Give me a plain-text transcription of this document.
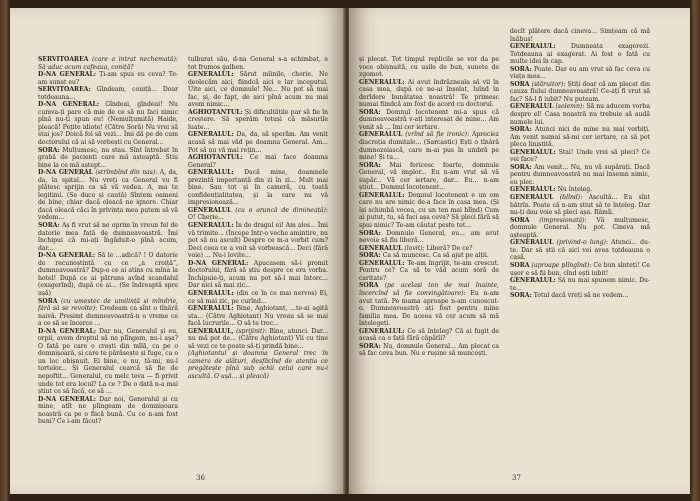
SERVITOAREA (care a intrat nechemată): Să aduc acum cafeaua, coniță?

D-NA GENERAL: Ți-am spus eu ceva? Te-am sunat eu?

SERVITOAREA: Gîndeam, coniță... Doar totdeauna...

D-NA GENERAL: Gîndeai, gîndeai! Nu cumva-ți pare că mie de ce să nu faci nimic pînă nu-ți spun eu! (Nemulțumită) Haide, pleacă! Pețite idiote! (Către Soră) Nu vrei să stai jos? Doică foi să vezi... Îmi dă pe de cum doctorului că ai să vorbești cu General...

SORA: Mulțumesc, nu stau. Sînt întrebat în grabă de pacienți care mă așteaptă. Stiu bine la ce mă aștept...

D-NA GENERAL (strîmbînd din nas): A, da, da, la spital... Nu vreți ca General vu fi plătesc sprijin ca să vă vedea. A, ma te legitimi. (Se duce și caută) Sîntem oameni de bine, chiar dacă oleacă ne ignore. Chiar dacă oleacă căci în privința mea putem să vă vedem...

SORA: Aș fi vrut să ne oprim în vreun fel de datorie mea față de dumneavoastră. Îmi închipui că mi-ați îngăduit-o pînă acum, dar...

D-NA GENERAL: Să le ...adică? ! O datorie de recunoștință cu ce „a croiță”, dumneavoastră? Dup-o ce ai atins cu mîna la hotel! După ce ai pătruns avînd scandalul (exagerînd), după ce ai... (Se îndreaptă spre ușă)

SORA (cu umestec de umilință și mîndrie, fără să se revolte): Credeam ca sînt o tînără naivă. Presimt dumneavoastră-n o vreme ce a ce să se încerce ...

D-NA GENERAL: Dar nu, Generalul și eu, orpii, avem dreptul să ne plîngem, nu-i aşa? O fată pe care o crești din mîlă, ca pe o domnișoară, și care te părăsește și fuge, ca o un loc obișnuit. Ei bine, e nu, tă-mi, nu-l tortelor... Și Generalul cearcă să fie de nepoftit... Generalul, cu melc teva — fi privit unde tot era locul? La ce ? De o dată n-a mai știut ce să facă, ce să ...

D-NA GENERAL: Dar noi, Generalul și cu mine, atît ne plîngeam de domnișoara noastră ca pe o fiică bună. Cu ce n-am fost buni? Ce i-am făcut?

tulburat său, d-na General s-a schimbat, e tot frumos galben.

GENERALUL: Sărut mîinile, cherie. Ne deolecăm aici, fiindcă aici e lar inceputul. Uite aici, ce domnule! Ne... Nu pot să mai fac, și, de fapt, de aici pînă acum nu mai avem nimic...

AGHIOTANTUL: Și dificultățile par să fie în creștere. Să sperăm totuși că măsurile luate...

GENERALUL: Da, da, să sperăm. Am venit acasă să mai văd pe doamna General. Am... Pot să nu vă mai rețin...

AGHIOTANTUL: Ce mai face doamna General?

GENERALUL: Dacă mine, doamnele prezintă importanță din zi în zi... Mult mai bine. Sau tot și în cameră, cu toată confidențialitatea, și la care nu vă impresionează...

GENERALUL (cu o aruncă de dimineață): O! Cherie...

GENERALUL: În de dragul ei! Am ales... Îmi vă trimite... (Începe într-o veche amintire, nu pot să nu ascult) Despre ce m-a vorbit cum? Deci ceea ce a voit să vorbească... Deci (fără voie) ... Nu-i lovite...

D-NA GENERAL: Apucasem să-i promit doctorului, fără să știu despre ce era vorba. Închipuie-ți, acum nu pot să-l mai întorc... Dar nici să mai zic...

GENERALUL: (din ce în ce mai nervos) Ei, ce să mai zic, pe curînd...

GENERALUL: Bine, Aghiotant, ...te-ai agită sta... (Către Aghiotant) Nu vreau să se mai facă lucrurile... O să te trec...

GENERALUL, (sprijinit): Bine, atunci. Dar... nu mă pot de... (Către Aghiotant) Vii cu tine să vezi ce te poate să-ți prindă bine...

(Aghiotantul și doamna General trec în camera de alături, desfăcînd de atenția ce pregătește pînă sub ochii celui care nu-i ascultă. O ușă... și pleacă)

36

și plecat. Tot timpul replicile se vor da pe voce obișnuită, cu ușile de bun, sunete de zgomot.

GENERALUL: Ai avut îndrăzneala să vii în casa mea, după ce ne-ai înșelat, luînd în derîdere bunătatea noastră! Te primesc numai fiindcă am fost de acord cu doctorul.

SORA: Domnul locotenent mi-a spus că dumneavoastră v-ați interesat de mine... Am venit să ... îmi cer iertare.

GENERALUL (vrînd să fie ironic): Apreciez discreția dumitale... (Sarcastic) Ești o tînără dumnezeiască, care m-ai pus în umbră pe mine! Și tu...

SORA: Mai fericesc foarte, domnule General, vă implor... Eu n-am vrut să vă supăr... Vă cer iertare, dar... Eu... n-am știut... Domnul locotenent...

GENERALUL: Domnul locotenent e un om care nu are nimic de-a face în casa mea. (Și își schimbă vocea, cu un ton mai blînd) Cum ai putut, tu, să faci așa ceva? Să pleci fără să spui nimic? Te-am căutat peste tot...

SORA: Domnule General, eu... am avut nevoie să fiu liberă...

GENERALUL (lovit): Liberă? De ce?

SORA: Ca să muncesc. Ca să ajut pe alții.

GENERALUL: Te-am îngrijit, te-am crescut. Pentru ce? Ca să te văd acum soră de caritate?

SORA (pe același ton de mai înainte, încercînd să fie convingătoare): Eu n-am avut tată. Pe mama aproape n-am cunoscut-o. Dumneavoastră ați fost pentru mine familia mea. De aceea vă cer acum să mă înțelegeți.

GENERALUL: Ce să înțeleg? Că ai fugit de acasă ca o fată fără căpătîi?

SORA: Nu, domnule General... Am plecat ca să fac ceva bun. Nu e rușine să muncești.

decît plătere dacă cineva... Simțeam că mă înăbuș!

GENERALUL: Dumneata exagerezi. Totdeauna ai exagerat. Ai fost o fată cu multe idei în cap.

SORA: Poate. Dar eu am vrut să fac ceva cu viața mea...

SORA (stăruitor): Știți doar că am plecat din cauza fiului dumneavoastră! Ce-ați fi vrut să fac? Să-l fi iubit? Nu puteam.

GENERALUL (solemn): Să nu aducem vorba despre el! Casa noastră nu trebuie să audă numele lui.

SORA: Atunci nici de mine nu mai vorbiți. Am venit numai să-mi cer iertare, ca să pot pleca liniștită.

GENERALUL: Stai! Unde vrei să pleci? Ce vei face?

SORA: Am venit... Nu, nu vă supărați. Dacă pentru dumneavoastră nu mai însemn nimic, eu plec.

GENERALUL: Nu înțeleg.

GENERALUL (blînd): Ascultă... Eu sînt bătrîn. Poate că n-am știut să te înțeleg. Dar nu-ți dau voie să pleci așa. Rămîi.

SORA (impresionată): Vă mulțumesc, domnule General. Nu pot. Cineva mă așteaptă.

GENERALUL (privind-o lung): Atunci... du-te. Dar să știi că aici vei avea totdeauna o casă.

SORA (aproape plîngînd): Ce bun sînteți! Ce ușor e să fii bun, cînd ești iubit!

GENERALUL: Să nu mai spunem nimic. Du-te...

SORA: Totul dacă vreți să ne vedem...

37
